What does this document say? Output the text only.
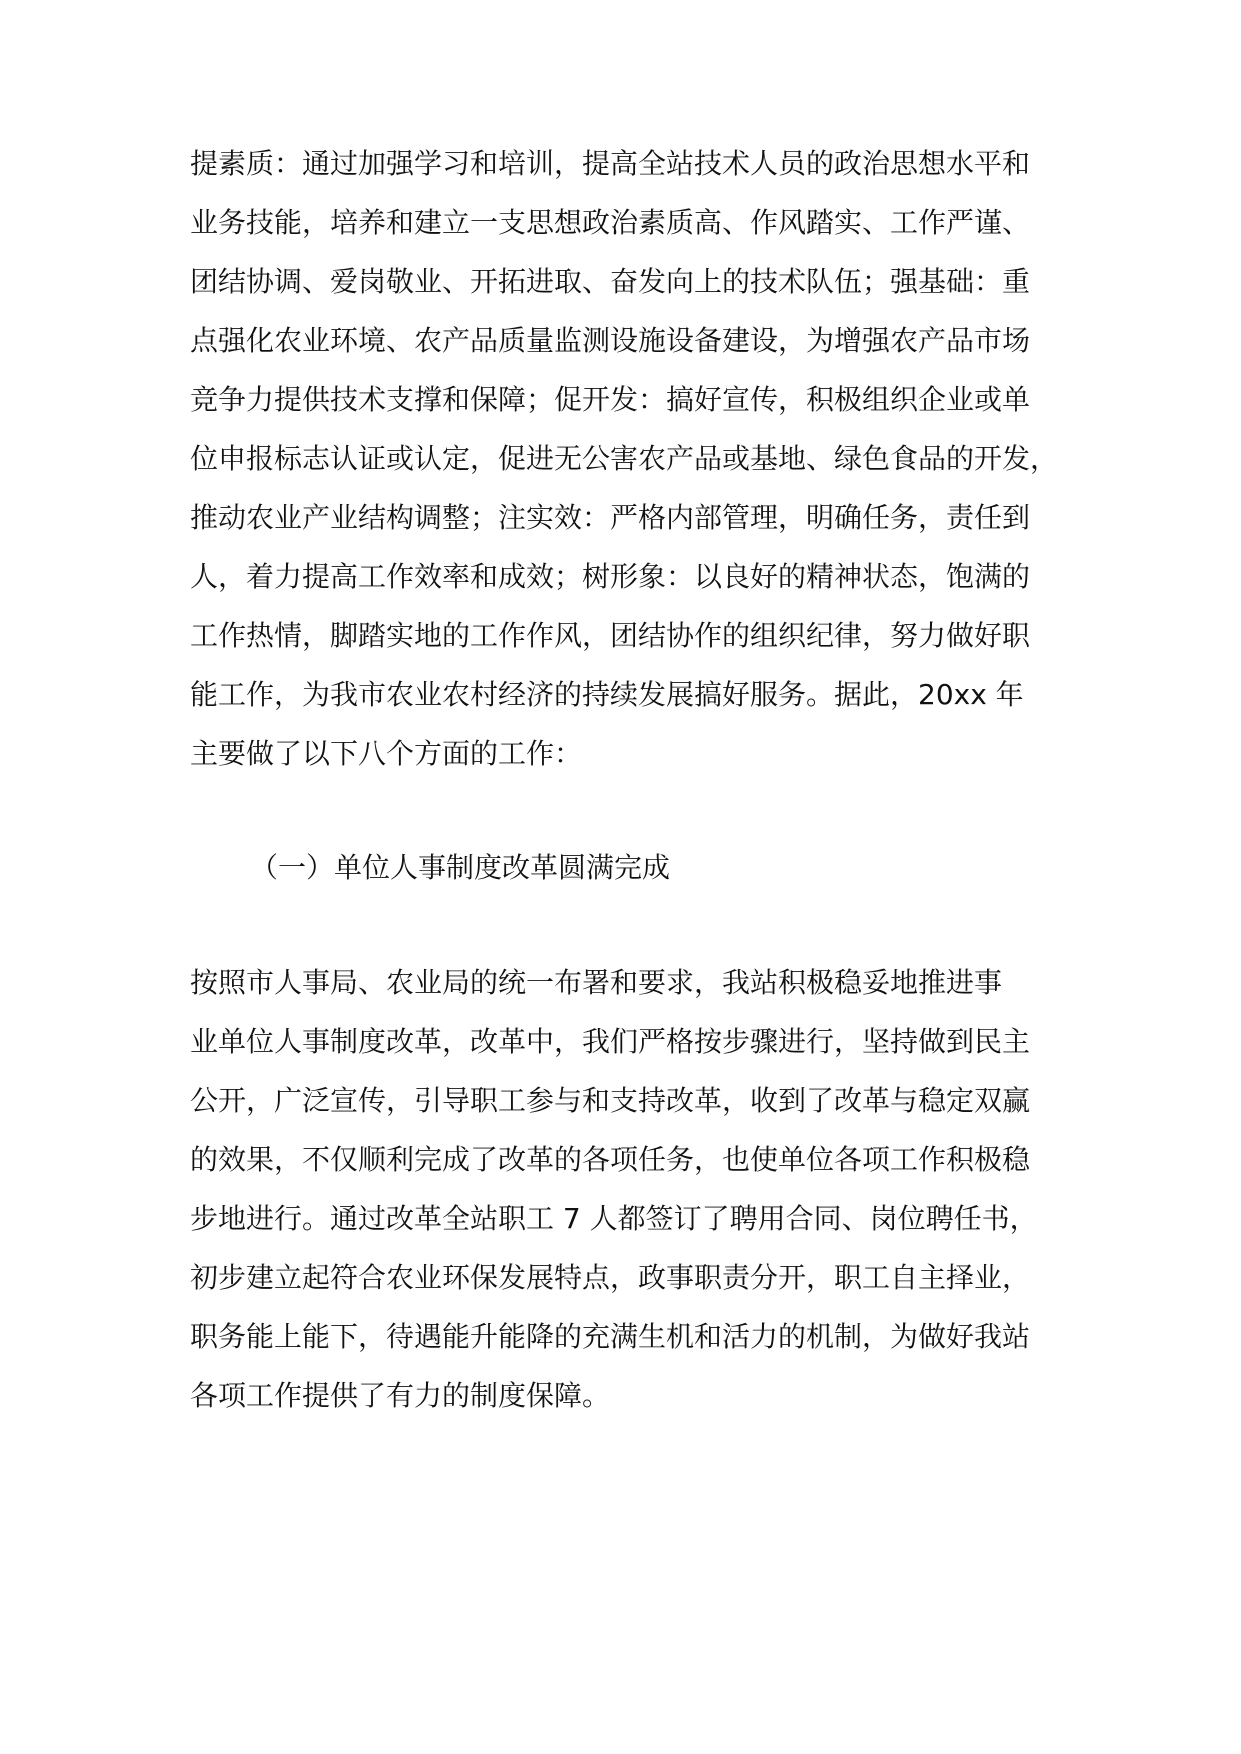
提素质：通过加强学习和培训，提高全站技术人员的政治思想水平和
业务技能，培养和建立一支思想政治素质高、作风踏实、工作严谨、
团结协调、爱岗敬业、开拓进取、奋发向上的技术队伍；强基础：重
点强化农业环境、农产品质量监测设施设备建设，为增强农产品市场
竞争力提供技术支撑和保障；促开发：搞好宣传，积极组织企业或单
位申报标志认证或认定，促进无公害农产品或基地、绿色食品的开发，
推动农业产业结构调整；注实效：严格内部管理，明确任务，责任到
人，着力提高工作效率和成效；树形象：以良好的精神状态，饱满的
工作热情，脚踏实地的工作作风，团结协作的组织纪律，努力做好职
能工作，为我市农业农村经济的持续发展搞好服务。据此，20xx 年
主要做了以下八个方面的工作：
（一）单位人事制度改革圆满完成
按照市人事局、农业局的统一布署和要求，我站积极稳妥地推进事
业单位人事制度改革，改革中，我们严格按步骤进行，坚持做到民主
公开，广泛宣传，引导职工参与和支持改革，收到了改革与稳定双赢
的效果，不仅顺利完成了改革的各项任务，也使单位各项工作积极稳
步地进行。通过改革全站职工 7 人都签订了聘用合同、岗位聘任书，
初步建立起符合农业环保发展特点，政事职责分开，职工自主择业，
职务能上能下，待遇能升能降的充满生机和活力的机制，为做好我站
各项工作提供了有力的制度保障。
